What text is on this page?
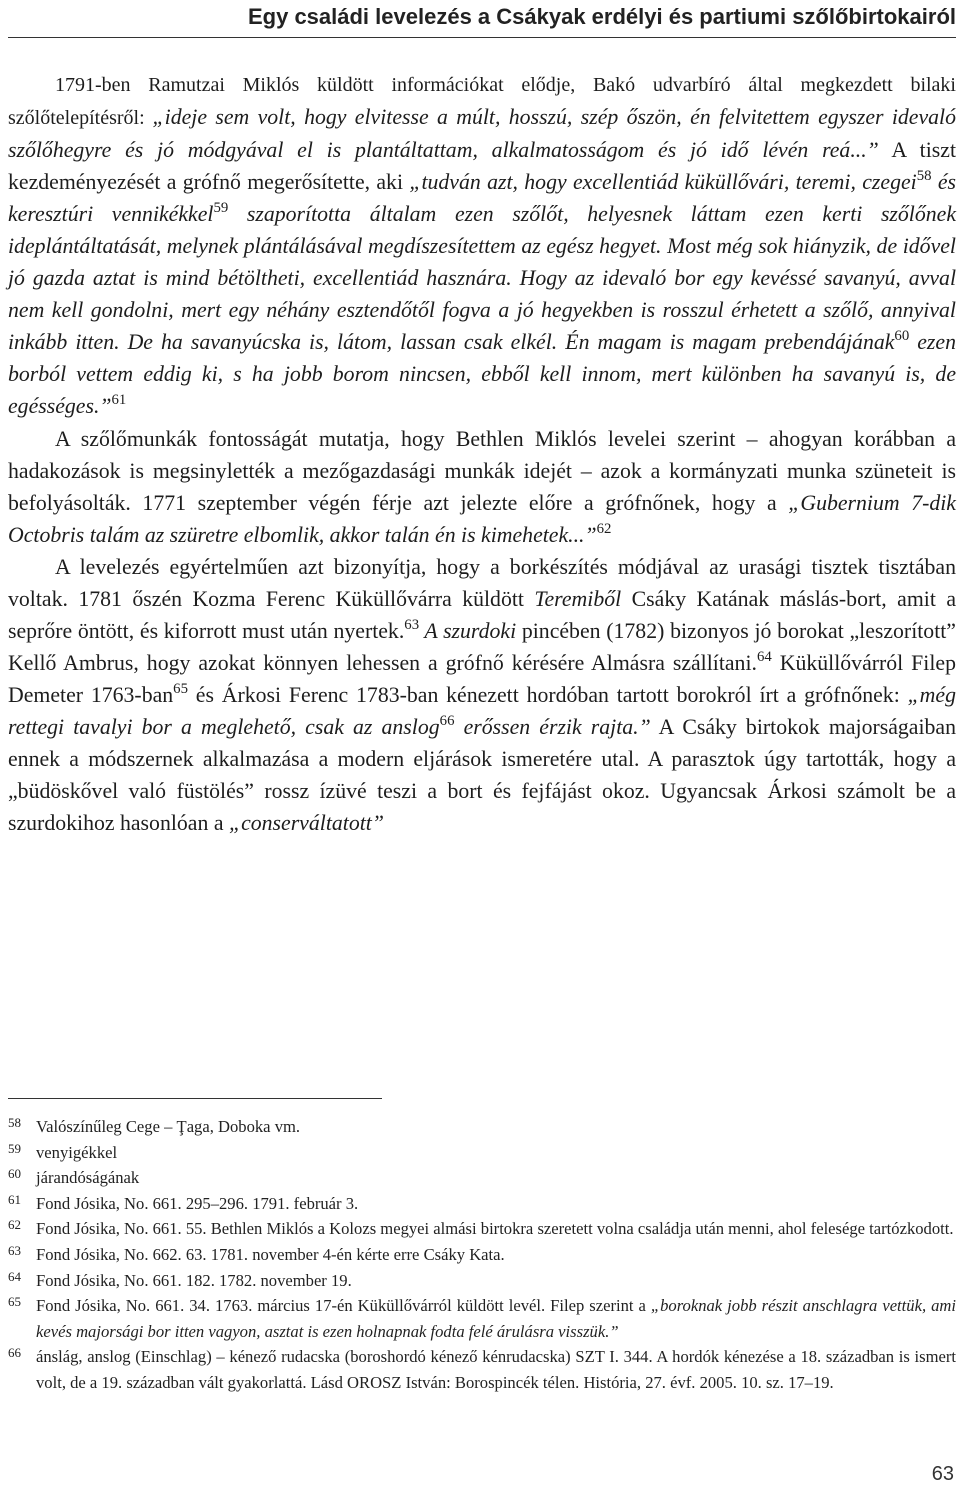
Egy családi levelezés a Csákyak erdélyi és partiumi szőlőbirtokairól

1791-ben Ramutzai Miklós küldött információkat elődje, Bakó udvarbíró által megkezdett bilaki szőlőtelepítésről: „ideje sem volt, hogy elvitesse a múlt, hosszú, szép őszön, én felvitettem egyszer idevaló szőlőhegyre és jó módgyával el is plantáltattam, alkalmatosságom és jó idő lévén reá...” A tiszt kezdeményezését a grófnő megerősítette, aki „tudván azt, hogy excellentiád küküllővári, teremi, czegei$^{58}$ és keresztúri vennikékkel$^{59}$ szaporította általam ezen szőlőt, helyesnek láttam ezen kerti szőlőnek ideplántáltatását, melynek plántálásával megdíszesítettem az egész hegyet. Most még sok hiányzik, de idővel jó gazda aztat is mind bétöltheti, excellentiád hasznára. Hogy az idevaló bor egy kevéssé savanyú, avval nem kell gondolni, mert egy néhány esztendőtől fogva a jó hegyekben is rosszul érhetett a szőlő, annyival inkább itten. De ha savanyúcska is, látom, lassan csak elkél. Én magam is magam prebendájának$^{60}$ ezen borból vettem eddig ki, s ha jobb borom nincsen, ebből kell innom, mert különben ha savanyú is, de egésséges.”$^{61}$

A szőlőmunkák fontosságát mutatja, hogy Bethlen Miklós levelei szerint – ahogyan korábban a hadakozások is megsinylették a mezőgazdasági munkák idejét – azok a kormányzati munka szüneteit is befolyásolták. 1771 szeptember végén férje azt jelezte előre a grófnőnek, hogy a „Gubernium 7-dik Octobris talám az szüretre elbomlik, akkor talán én is kimehetek...”$^{62}$

A levelezés egyértelműen azt bizonyítja, hogy a borkészítés módjával az urasági tisztek tisztában voltak. 1781 őszén Kozma Ferenc Küküllővárra küldött Teremiből Csáky Katának máslás-bort, amit a seprőre öntött, és kiforrott must után nyertek.$^{63}$ A szurdoki pincében (1782) bizonyos jó borokat „leszorított” Kellő Ambrus, hogy azokat könnyen lehessen a grófnő kérésére Almásra szállítani.$^{64}$ Küküllővárról Filep Demeter 1763-ban$^{65}$ és Árkosi Ferenc 1783-ban kénezett hordóban tartott borokról írt a grófnőnek: „még rettegi tavalyi bor a meglehető, csak az anslog$^{66}$ erőssen érzik rajta.” A Csáky birtokok majorságaiban ennek a módszernek alkalmazása a modern eljárások ismeretére utal. A parasztok úgy tartották, hogy a „büdöskővel való füstölés” rossz ízüvé teszi a bort és fejfájást okoz. Ugyancsak Árkosi számolt be a szurdokihoz hasonlóan a „conserváltatott”

58 Valószínűleg Cege – Ţaga, Doboka vm.
59 venyigékkel
60 járandóságának
61 Fond Jósika, No. 661. 295–296. 1791. február 3.
62 Fond Jósika, No. 661. 55. Bethlen Miklós a Kolozs megyei almási birtokra szeretett volna családja után menni, ahol felesége tartózkodott.
63 Fond Jósika, No. 662. 63. 1781. november 4-én kérte erre Csáky Kata.
64 Fond Jósika, No. 661. 182. 1782. november 19.
65 Fond Jósika, No. 661. 34. 1763. március 17-én Küküllővárról küldött levél. Filep szerint a „boroknak jobb részit anschlagra vettük, ami kevés majorsági bor itten vagyon, asztat is ezen holnapnak fodta felé árulásra visszük.”
66 ánslág, anslog (Einschlag) – kénező rudacska (boroshordó kénező kénrudacska) SZT I. 344. A hordók kénezése a 18. században is ismert volt, de a 19. században vált gyakorlattá. Lásd OROSZ István: Borospincék télen. História, 27. évf. 2005. 10. sz. 17–19.
63
